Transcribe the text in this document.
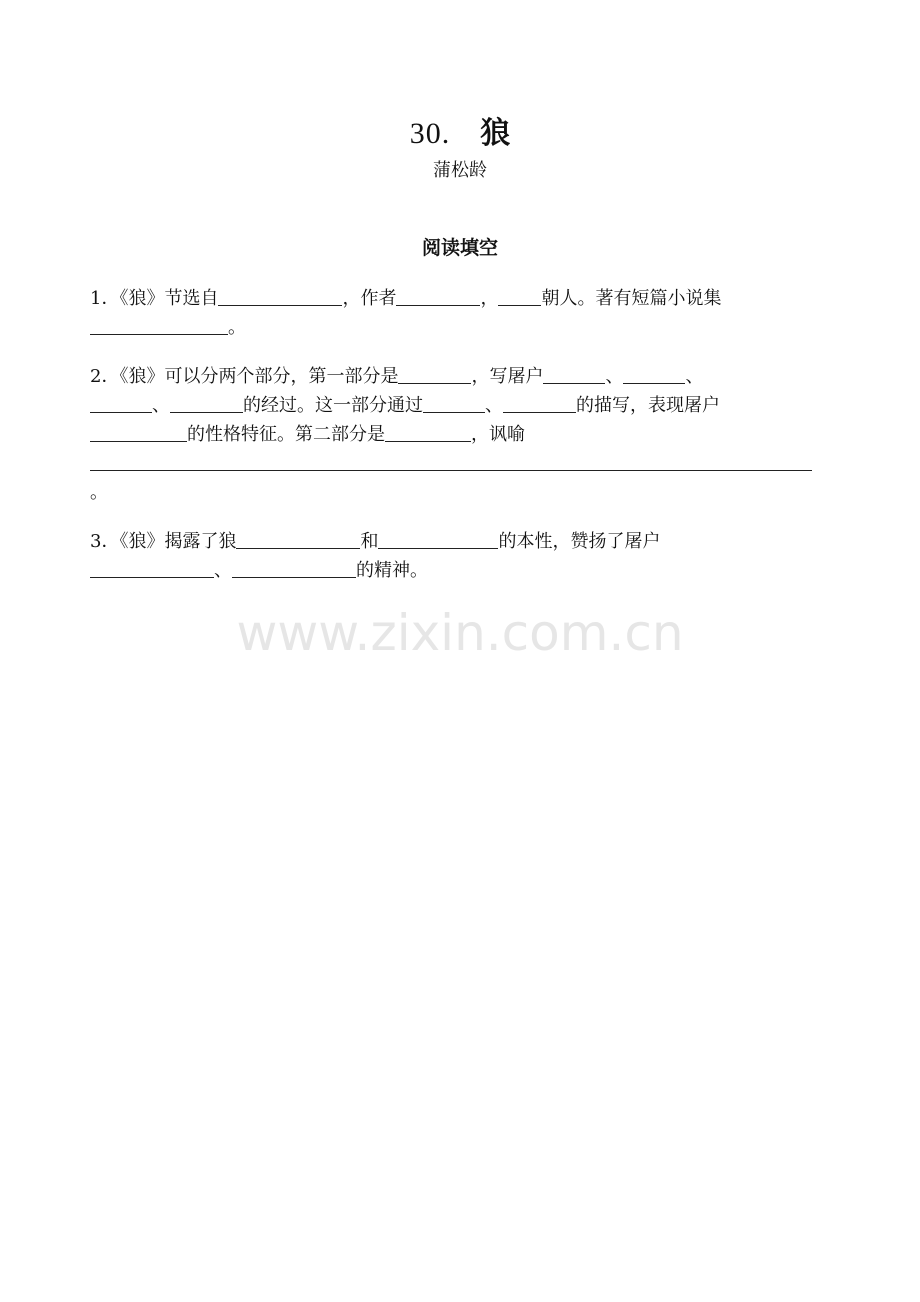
30. 狼
蒲松龄
阅读填空
1．《狼》节选自	，作者	， 朝人。著有短篇小说集
。
2．《狼》可以分两个部分，第一部分是	，写屠户	、	、
、	的经过。这一部分通过	、	的描写，表现屠户
的性格特征。第二部分是	，讽喻

。
3．《狼》揭露了狼	和	的本性，赞扬了屠户
、	的精神。
www.zixin.com.cn
